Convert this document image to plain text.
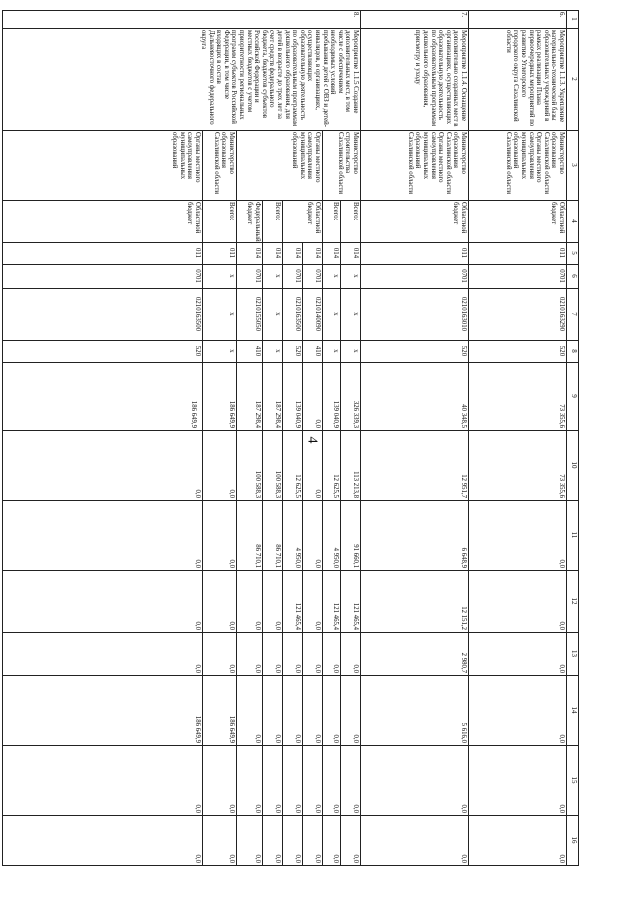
4
1
2
3
4
5
6
7
8
9
10
11
12
13
14
15
16
6.
Мероприятие 1.1.3. Укрепление материально-технической базы образовательных учреждений в рамках реализации Плана первоочередных мероприятий по развитию Углегорского городского округа Сахалинской области
Министерство образования Сахалинской области Органы местного самоуправления муниципальных образований Сахалинской области
Областной бюджет
011
0701
0210163290
520
73 355,6
73 355,6
0,0
0,0
0,0
0,0
0,0
0,0
7.
Мероприятие 1.1.4. Оснащение дополнительно созданных мест в организациях, осуществляющих образовательную деятельность по образовательным программам дошкольного образования, присмотру и уходу
Министерство образования Сахалинской области Органы местного самоуправления муниципальных образований Сахалинской области
Областной бюджет
011
0701
0210163010
520
40 348,5
12 951,7
6 648,9
12 151,2
2 980,7
5 616,0
0,0
0,0
8.
Мероприятие 1.1.5 Создание дополнительных мест, в том числе с обеспечением необходимых условий пребывания детей с ОВЗ и детей-инвалидов, в организациях, осуществляющих образовательную деятельность по образовательным программам дошкольного образования, для детей в возрасте до трех лет за счет средств федерального бюджета, бюджетов субъектов Российской Федерации и местных бюджетов с учетом приоритетности региональных программ субъектов Российской Федерации, в том числе входящих в состав Дальневосточного федерального округа
Министерство строительства Сахалинской области
Органы местного самоуправления муниципальных образований
Министерство образования Сахалинской области
Органы местного самоуправления муниципальных образований
Всего:
014
x
x
x
326 339,3
113 213,8
91 660,1
121 465,4
0,0
0,0
0,0
0,0
Всего:
014
x
x
x
139 040,9
12 625,5
4 950,0
121 465,4
0,0
0,0
0,0
0,0
Областной бюджет
014
0701
0210140090
410
0,0
0,0
0,0
0,0
0,0
0,0
0,0
0,0
014
0701
0210163500
520
139 040,9
12 625,5
4 950,0
121 465,4
0,0
0,0
0,0
0,0
Всего:
014
x
x
x
187 298,4
100 588,3
86 710,1
0,0
0,0
0,0
0,0
0,0
Федеральный бюджет
014
0701
0210155050
410
187 298,4
100 588,3
86 710,1
0,0
0,0
0,0
0,0
0,0
Всего:
011
x
x
x
186 649,9
0,0
0,0
0,0
0,0
186 649,9
0,0
0,0
Областной бюджет
011
0701
0210163500
520
186 649,9
0,0
0,0
0,0
0,0
186 649,9
0,0
0,0
